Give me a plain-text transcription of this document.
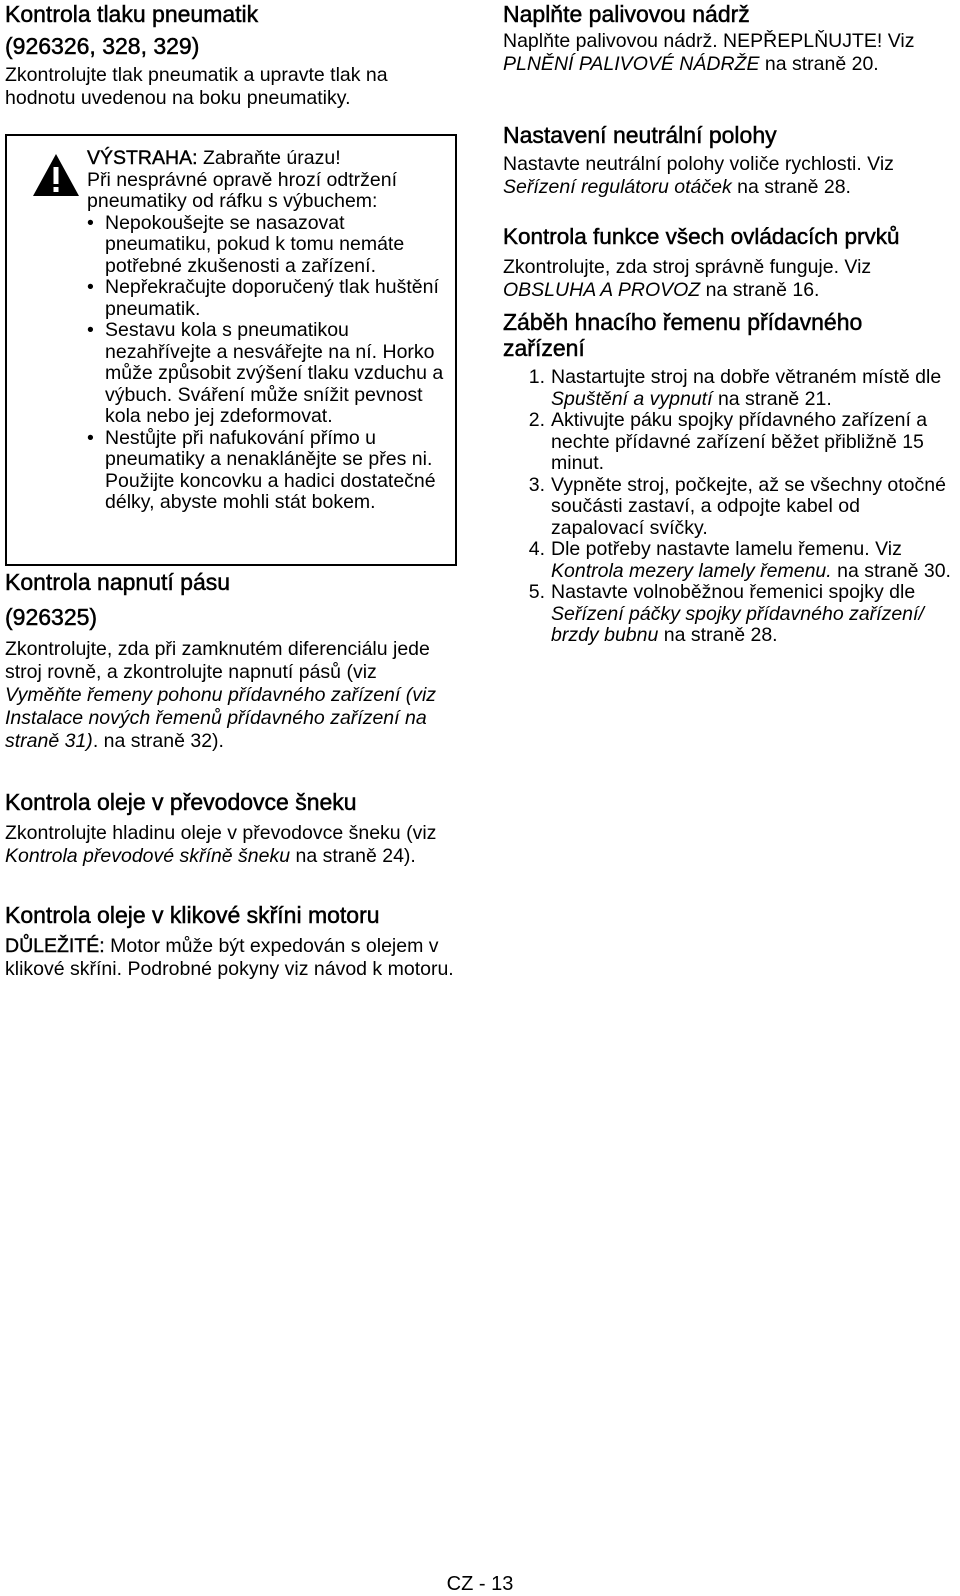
Kontrola tlaku pneumatik
(926326, 328, 329)

Zkontrolujte tlak pneumatik a upravte tlak na hodnotu uvedenou na boku pneumatiky.

VÝSTRAHA: Zabraňte úrazu!
Při nesprávné opravě hrozí odtržení pneumatiky od ráfku s výbuchem:
• Nepokoušejte se nasazovat pneumatiku, pokud k tomu nemáte potřebné zkušenosti a zařízení.
• Nepřekračujte doporučený tlak huštění pneumatik.
• Sestavu kola s pneumatikou nezahřívejte a nesvářejte na ní. Horko může způsobit zvýšení tlaku vzduchu a výbuch. Sváření může snížit pevnost kola nebo jej zdeformovat.
• Nestůjte při nafukování přímo u pneumatiky a nenaklánějte se přes ni. Použijte koncovku a hadici dostatečné délky, abyste mohli stát bokem.
Kontrola napnutí pásu
(926325)

Zkontrolujte, zda při zamknutém diferenciálu jede stroj rovně, a zkontrolujte napnutí pásů (viz Vyměňte řemeny pohonu přídavného zařízení (viz Instalace nových řemenů přídavného zařízení na straně 31). na straně 32).

Kontrola oleje v převodovce šneku

Zkontrolujte hladinu oleje v převodovce šneku (viz Kontrola převodové skříně šneku na straně 24).

Kontrola oleje v klikové skříni motoru

DŮLEŽITÉ: Motor může být expedován s olejem v klikové skříni. Podrobné pokyny viz návod k motoru.

Naplňte palivovou nádrž

Naplňte palivovou nádrž. NEPŘEPLŇUJTE! Viz PLNĚNÍ PALIVOVÉ NÁDRŽE na straně 20.

Nastavení neutrální polohy

Nastavte neutrální polohy voliče rychlosti. Viz Seřízení regulátoru otáček na straně 28.

Kontrola funkce všech ovládacích prvků

Zkontrolujte, zda stroj správně funguje. Viz OBSLUHA A PROVOZ na straně 16.

Záběh hnacího řemenu přídavného zařízení
1. Nastartujte stroj na dobře větraném místě dle Spuštění a vypnutí na straně 21.
2. Aktivujte páku spojky přídavného zařízení a nechte přídavné zařízení běžet přibližně 15 minut.
3. Vypněte stroj, počkejte, až se všechny otočné součásti zastaví, a odpojte kabel od zapalovací svíčky.
4. Dle potřeby nastavte lamelu řemenu. Viz Kontrola mezery lamely řemenu. na straně 30.
5. Nastavte volnoběžnou řemenici spojky dle Seřízení páčky spojky přídavného zařízení/ brzdy bubnu na straně 28.
CZ - 13
